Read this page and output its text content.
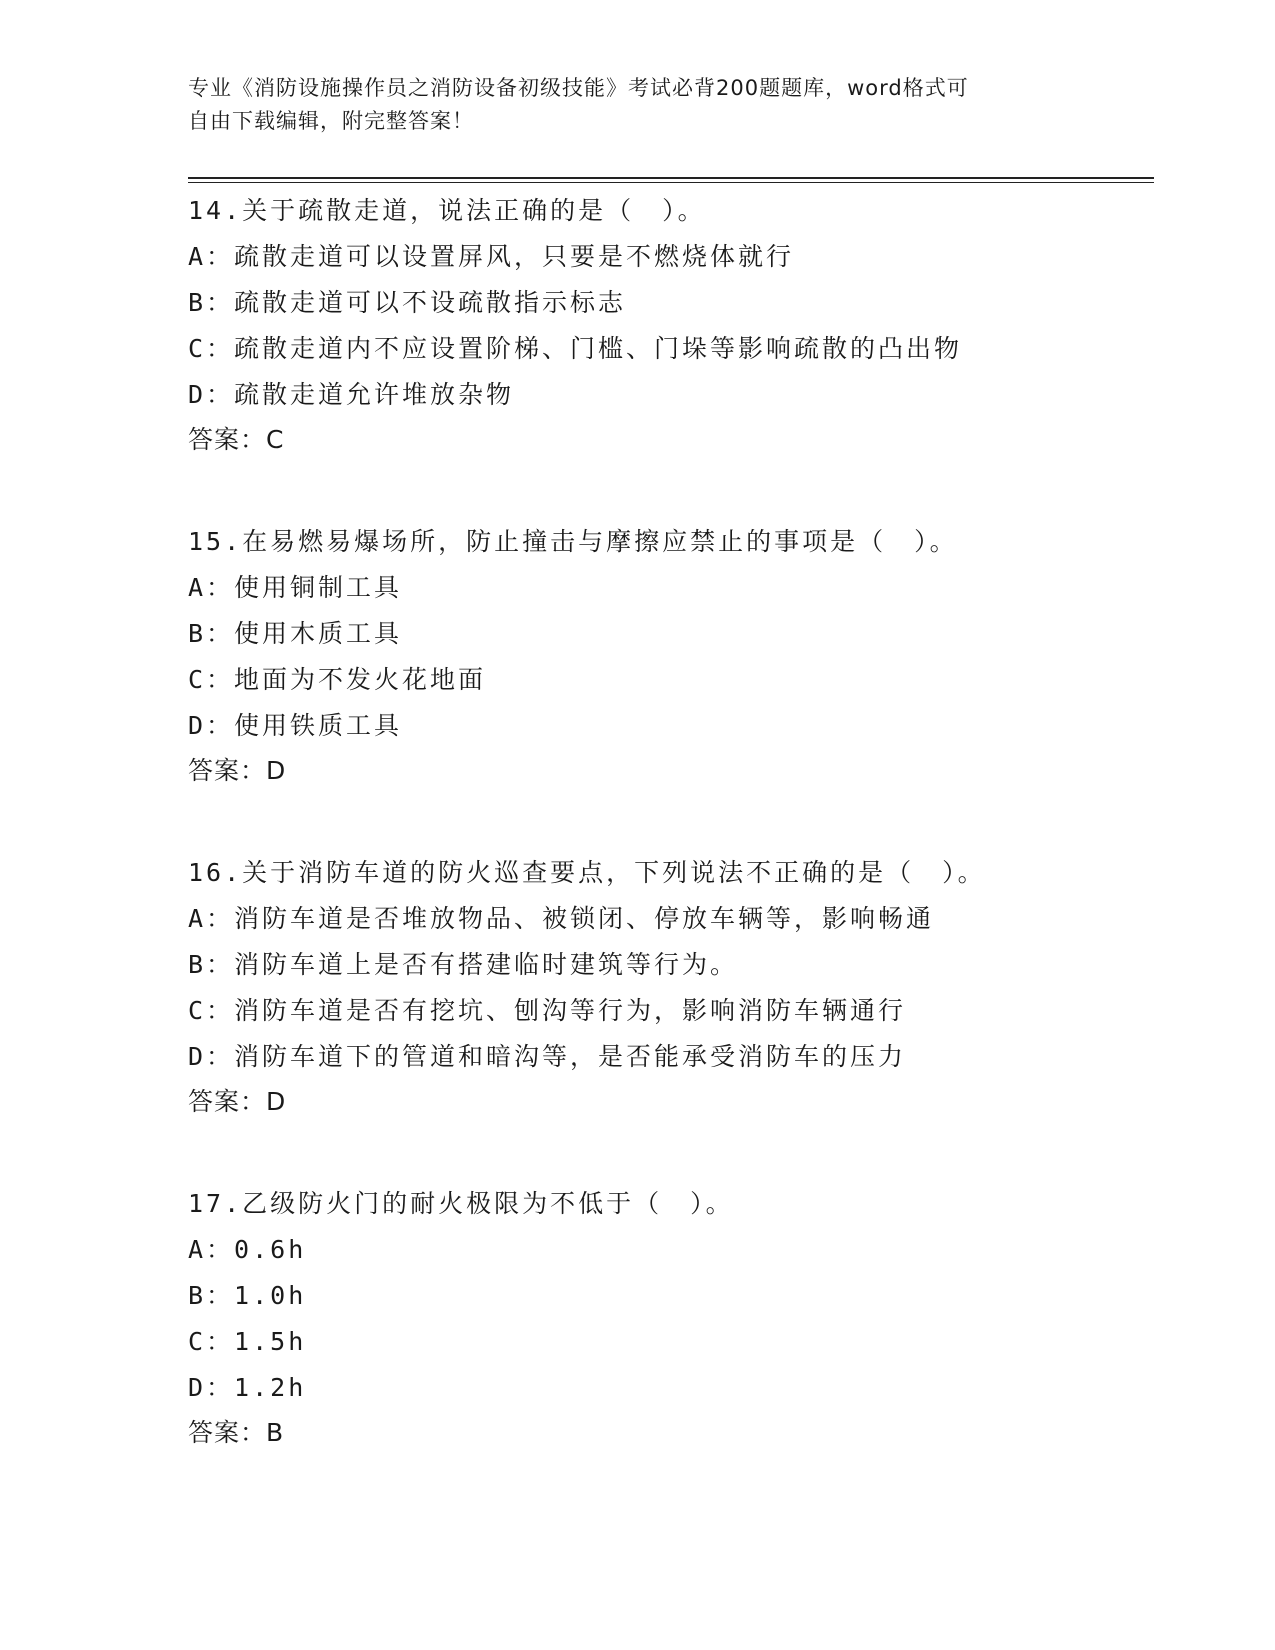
专业《消防设施操作员之消防设备初级技能》考试必背200题题库，word格式可
自由下载编辑，附完整答案！
14.关于疏散走道，说法正确的是（　）。
A：疏散走道可以设置屏风，只要是不燃烧体就行
B：疏散走道可以不设疏散指示标志
C：疏散走道内不应设置阶梯、门槛、门垛等影响疏散的凸出物
D：疏散走道允许堆放杂物
答案：C
15.在易燃易爆场所，防止撞击与摩擦应禁止的事项是（　）。
A：使用铜制工具
B：使用木质工具
C：地面为不发火花地面
D：使用铁质工具
答案：D
16.关于消防车道的防火巡查要点，下列说法不正确的是（　）。
A：消防车道是否堆放物品、被锁闭、停放车辆等，影响畅通
B：消防车道上是否有搭建临时建筑等行为。
C：消防车道是否有挖坑、刨沟等行为，影响消防车辆通行
D：消防车道下的管道和暗沟等，是否能承受消防车的压力
答案：D
17.乙级防火门的耐火极限为不低于（　）。
A：0.6h
B：1.0h
C：1.5h
D：1.2h
答案：B
